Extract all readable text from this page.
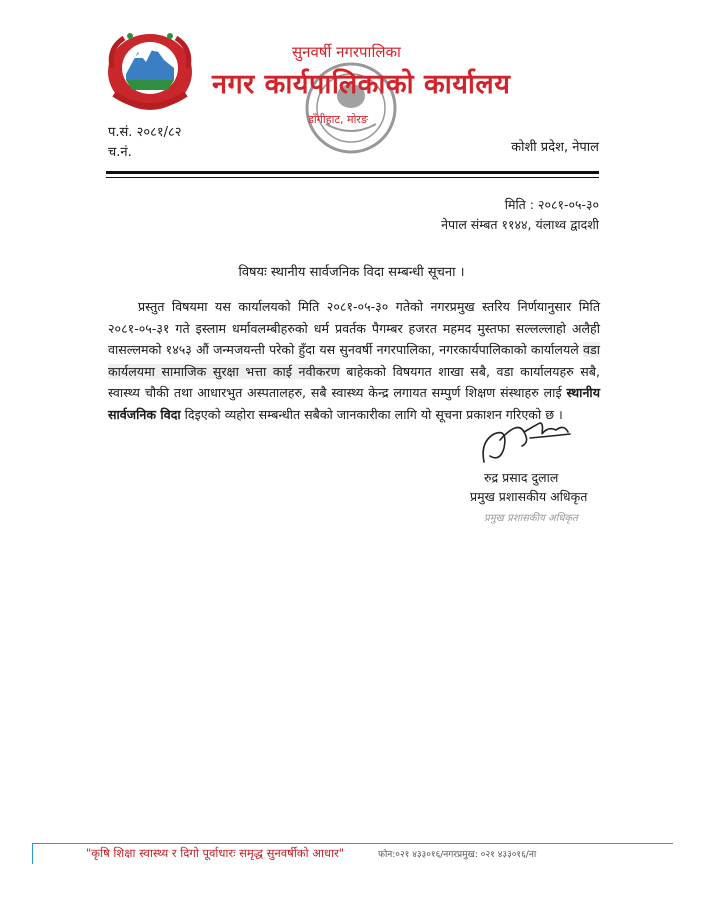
सुनवर्षी नगरपालिका
नगर कार्यपालिकाको कार्यालय
डाँगीहाट, मोरङ
प.सं. २०८१/८२
च.नं.	कोशी प्रदेश, नेपाल
मिति : २०८१-०५-३०
नेपाल संम्बत ११४४, यंलाथ्व द्वादशी
विषयः स्थानीय सार्वजनिक विदा सम्बन्धी सूचना ।
प्रस्तुत विषयमा यस कार्यालयको मिति २०८१-०५-३० गतेको नगरप्रमुख स्तरिय निर्णयानुसार मिति २०८१-०५-३१ गते इस्लाम धर्मावलम्बीहरुको धर्म प्रवर्तक पैगम्बर हजरत महमद मुस्तफा सल्लल्लाहो अलैही वासल्लमको १४५३ औं जन्मजयन्ती परेको हुँदा यस सुनवर्षी नगरपालिका, नगरकार्यपालिकाको कार्यालयले वडा कार्यलयमा सामाजिक सुरक्षा भत्ता काई नवीकरण बाहेकको विषयगत शाखा सबै, वडा कार्यालयहरु सबै, स्वास्थ्य चौकी तथा आधारभुत अस्पतालहरु, सबै स्वास्थ्य केन्द्र लगायत सम्पुर्ण शिक्षण संस्थाहरु लाई स्थानीय सार्वजनिक विदा दिइएको व्यहोरा सम्बन्धीत सबैको जानकारीका लागि यो सूचना प्रकाशन गरिएको छ ।
रुद्र प्रसाद दुलाल
प्रमुख प्रशासकीय अधिकृत
प्रमुख प्रशासकीय अधिकृत
"कृषि शिक्षा स्वास्थ्य र दिगो पूर्वाधारः समृद्ध सुनवर्षीको आधार"	फोन:०२१ ४३३०१६/नगरप्रमुख: ०२१ ४३३०१६/ना
